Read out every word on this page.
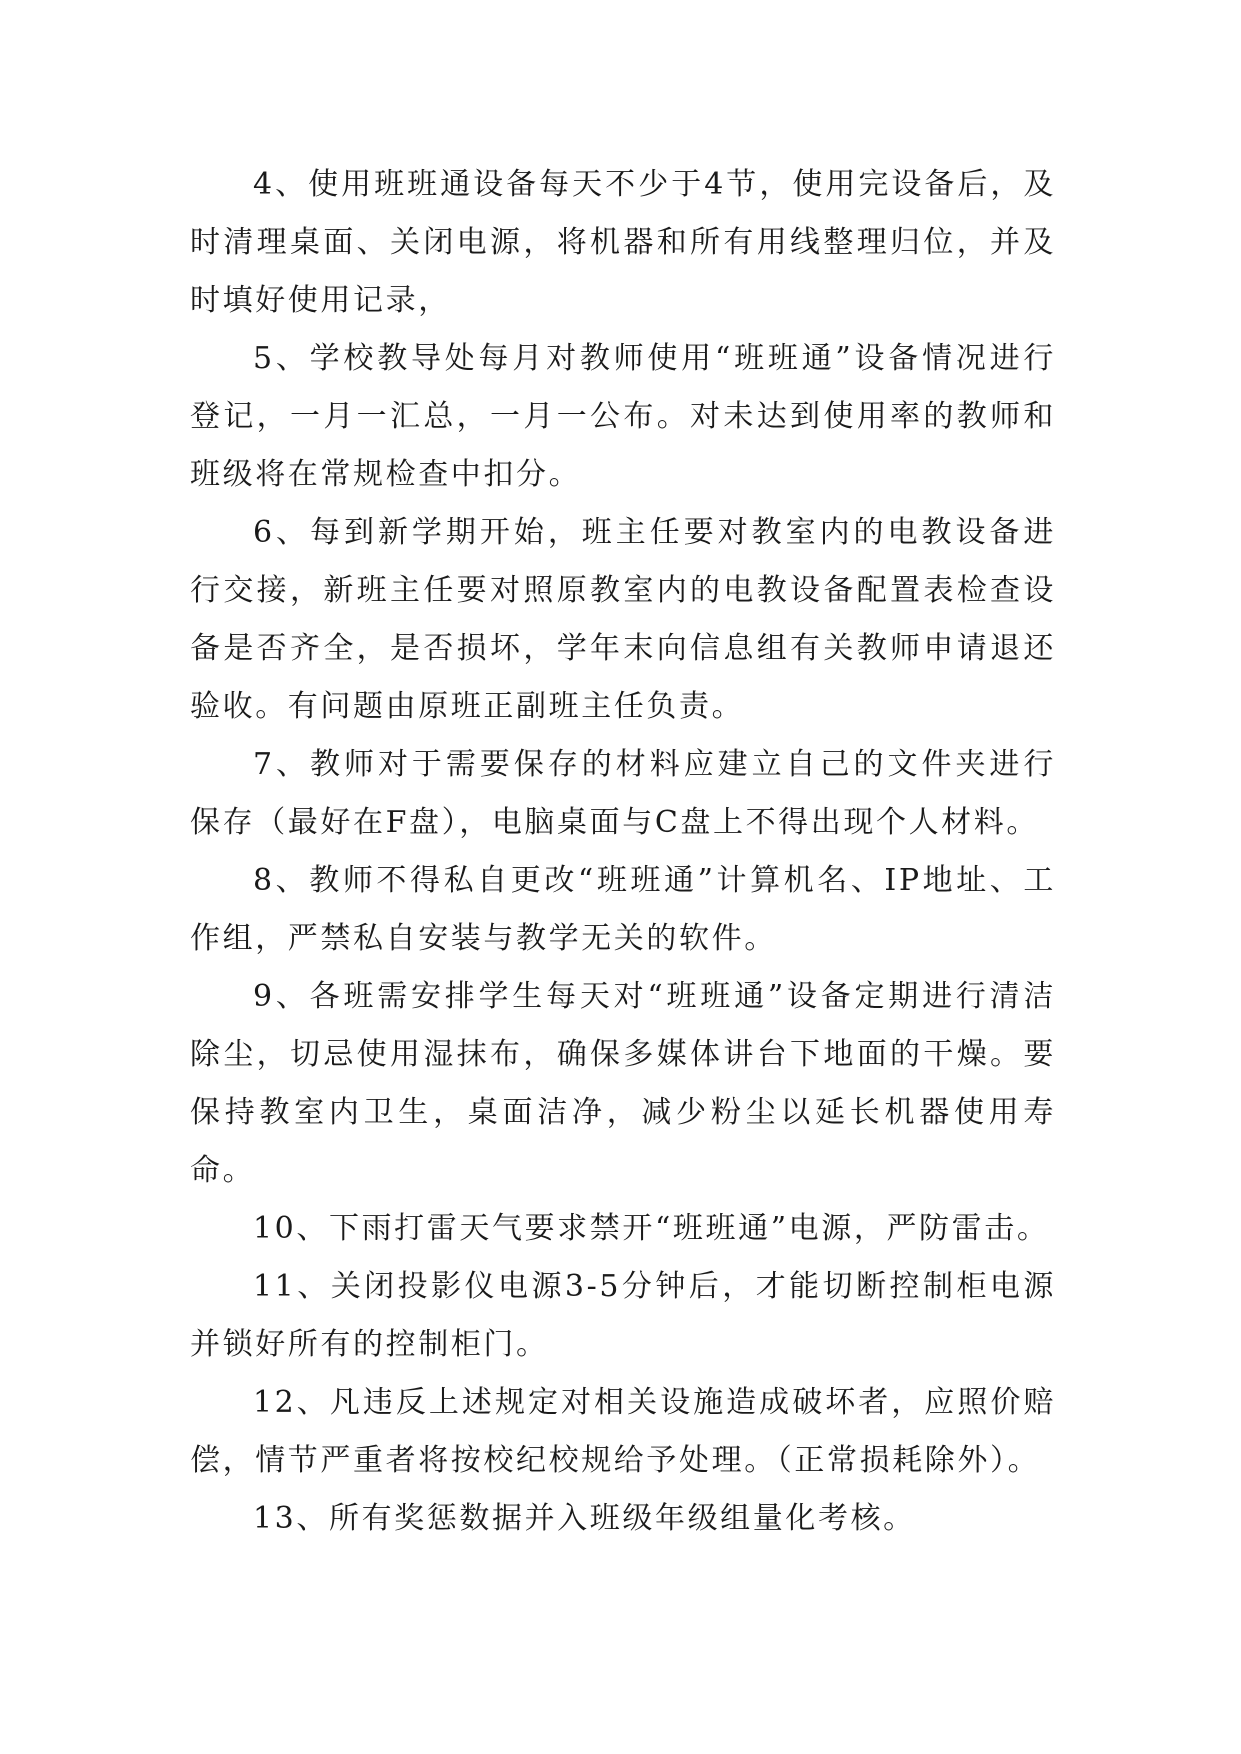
4、使用班班通设备每天不少于4节，使用完设备后，及时清理桌面、关闭电源，将机器和所有用线整理归位，并及时填好使用记录，

5、学校教导处每月对教师使用“班班通”设备情况进行登记，一月一汇总，一月一公布。对未达到使用率的教师和班级将在常规检查中扣分。

6、每到新学期开始，班主任要对教室内的电教设备进行交接，新班主任要对照原教室内的电教设备配置表检查设备是否齐全，是否损坏，学年末向信息组有关教师申请退还验收。有问题由原班正副班主任负责。

7、教师对于需要保存的材料应建立自己的文件夹进行保存（最好在F盘），电脑桌面与C盘上不得出现个人材料。

8、教师不得私自更改“班班通”计算机名、IP地址、工作组，严禁私自安装与教学无关的软件。

9、各班需安排学生每天对“班班通”设备定期进行清洁除尘，切忌使用湿抹布，确保多媒体讲台下地面的干燥。要保持教室内卫生，桌面洁净，减少粉尘以延长机器使用寿命。

10、下雨打雷天气要求禁开“班班通”电源，严防雷击。

11、关闭投影仪电源3-5分钟后，才能切断控制柜电源并锁好所有的控制柜门。

12、凡违反上述规定对相关设施造成破坏者，应照价赔偿，情节严重者将按校纪校规给予处理。（正常损耗除外）。

13、所有奖惩数据并入班级年级组量化考核。
